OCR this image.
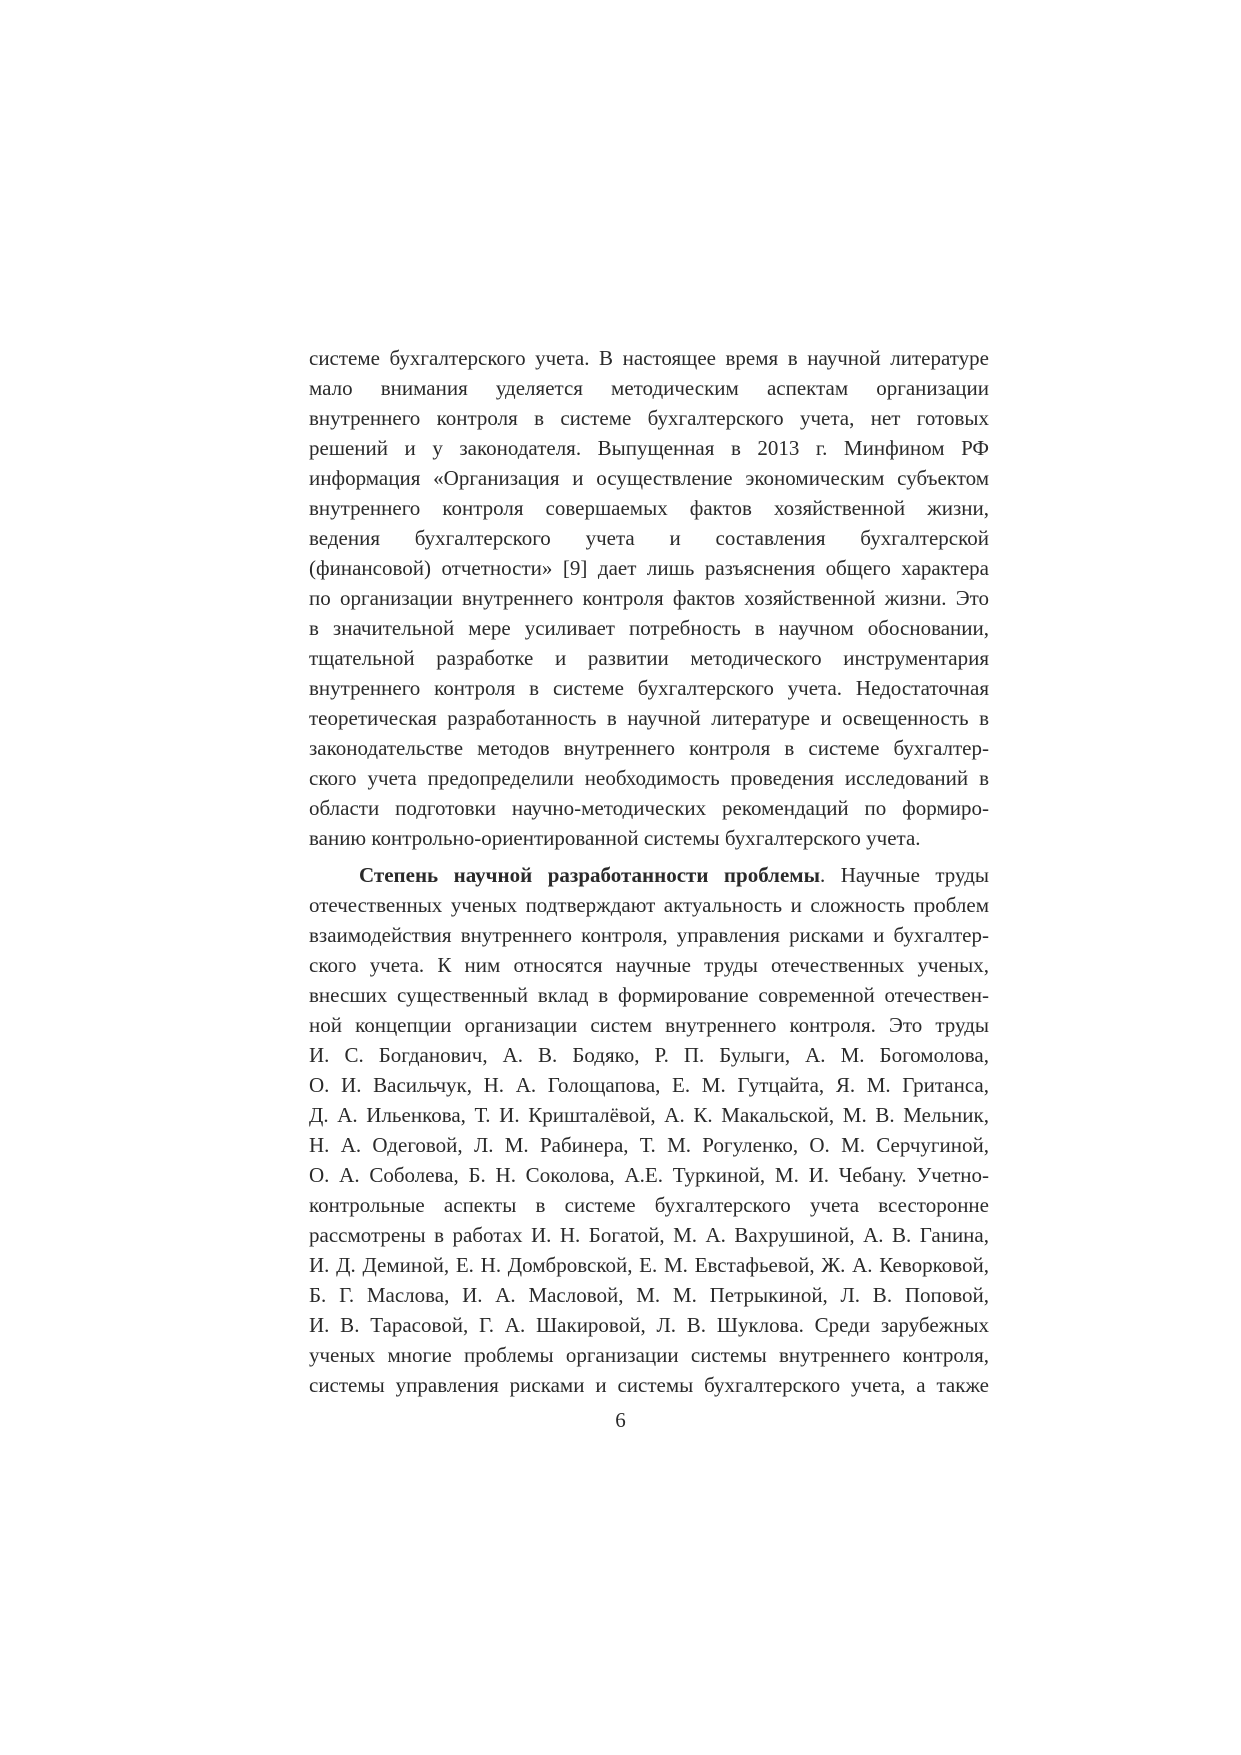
системе бухгалтерского учета. В настоящее время в научной литературе
мало внимания уделяется методическим аспектам организации
внутреннего контроля в системе бухгалтерского учета, нет готовых
решений и у законодателя. Выпущенная в 2013 г. Минфином РФ
информация «Организация и осуществление экономическим субъектом
внутреннего контроля совершаемых фактов хозяйственной жизни,
ведения бухгалтерского учета и составления бухгалтерской
(финансовой) отчетности» [9] дает лишь разъяснения общего характера
по организации внутреннего контроля фактов хозяйственной жизни. Это
в значительной мере усиливает потребность в научном обосновании,
тщательной разработке и развитии методического инструментария
внутреннего контроля в системе бухгалтерского учета. Недостаточная
теоретическая разработанность в научной литературе и освещенность в
законодательстве методов внутреннего контроля в системе бухгалтер-
ского учета предопределили необходимость проведения исследований в
области подготовки научно-методических рекомендаций по формиро-
ванию контрольно-ориентированной системы бухгалтерского учета.
Степень научной разработанности проблемы. Научные труды
отечественных ученых подтверждают актуальность и сложность проблем
взаимодействия внутреннего контроля, управления рисками и бухгалтер-
ского учета. К ним относятся научные труды отечественных ученых,
внесших существенный вклад в формирование современной отечествен-
ной концепции организации систем внутреннего контроля. Это труды
И. С. Богданович, А. В. Бодяко, Р. П. Булыги, А. М. Богомолова,
О. И. Васильчук, Н. А. Голощапова, Е. М. Гутцайта, Я. М. Гританса,
Д. А. Ильенкова, Т. И. Кришталёвой, А. К. Макальской, М. В. Мельник,
Н. А. Одеговой, Л. М. Рабинера, Т. М. Рогуленко, О. М. Серчугиной,
О. А. Соболева, Б. Н. Соколова, А.Е. Туркиной, М. И. Чебану. Учетно-
контрольные аспекты в системе бухгалтерского учета всесторонне
рассмотрены в работах И. Н. Богатой, М. А. Вахрушиной, А. В. Ганина,
И. Д. Деминой, Е. Н. Домбровской, Е. М. Евстафьевой, Ж. А. Кеворковой,
Б. Г. Маслова, И. А. Масловой, М. М. Петрыкиной, Л. В. Поповой,
И. В. Тарасовой, Г. А. Шакировой, Л. В. Шуклова. Среди зарубежных
ученых многие проблемы организации системы внутреннего контроля,
системы управления рисками и системы бухгалтерского учета, а также
6
